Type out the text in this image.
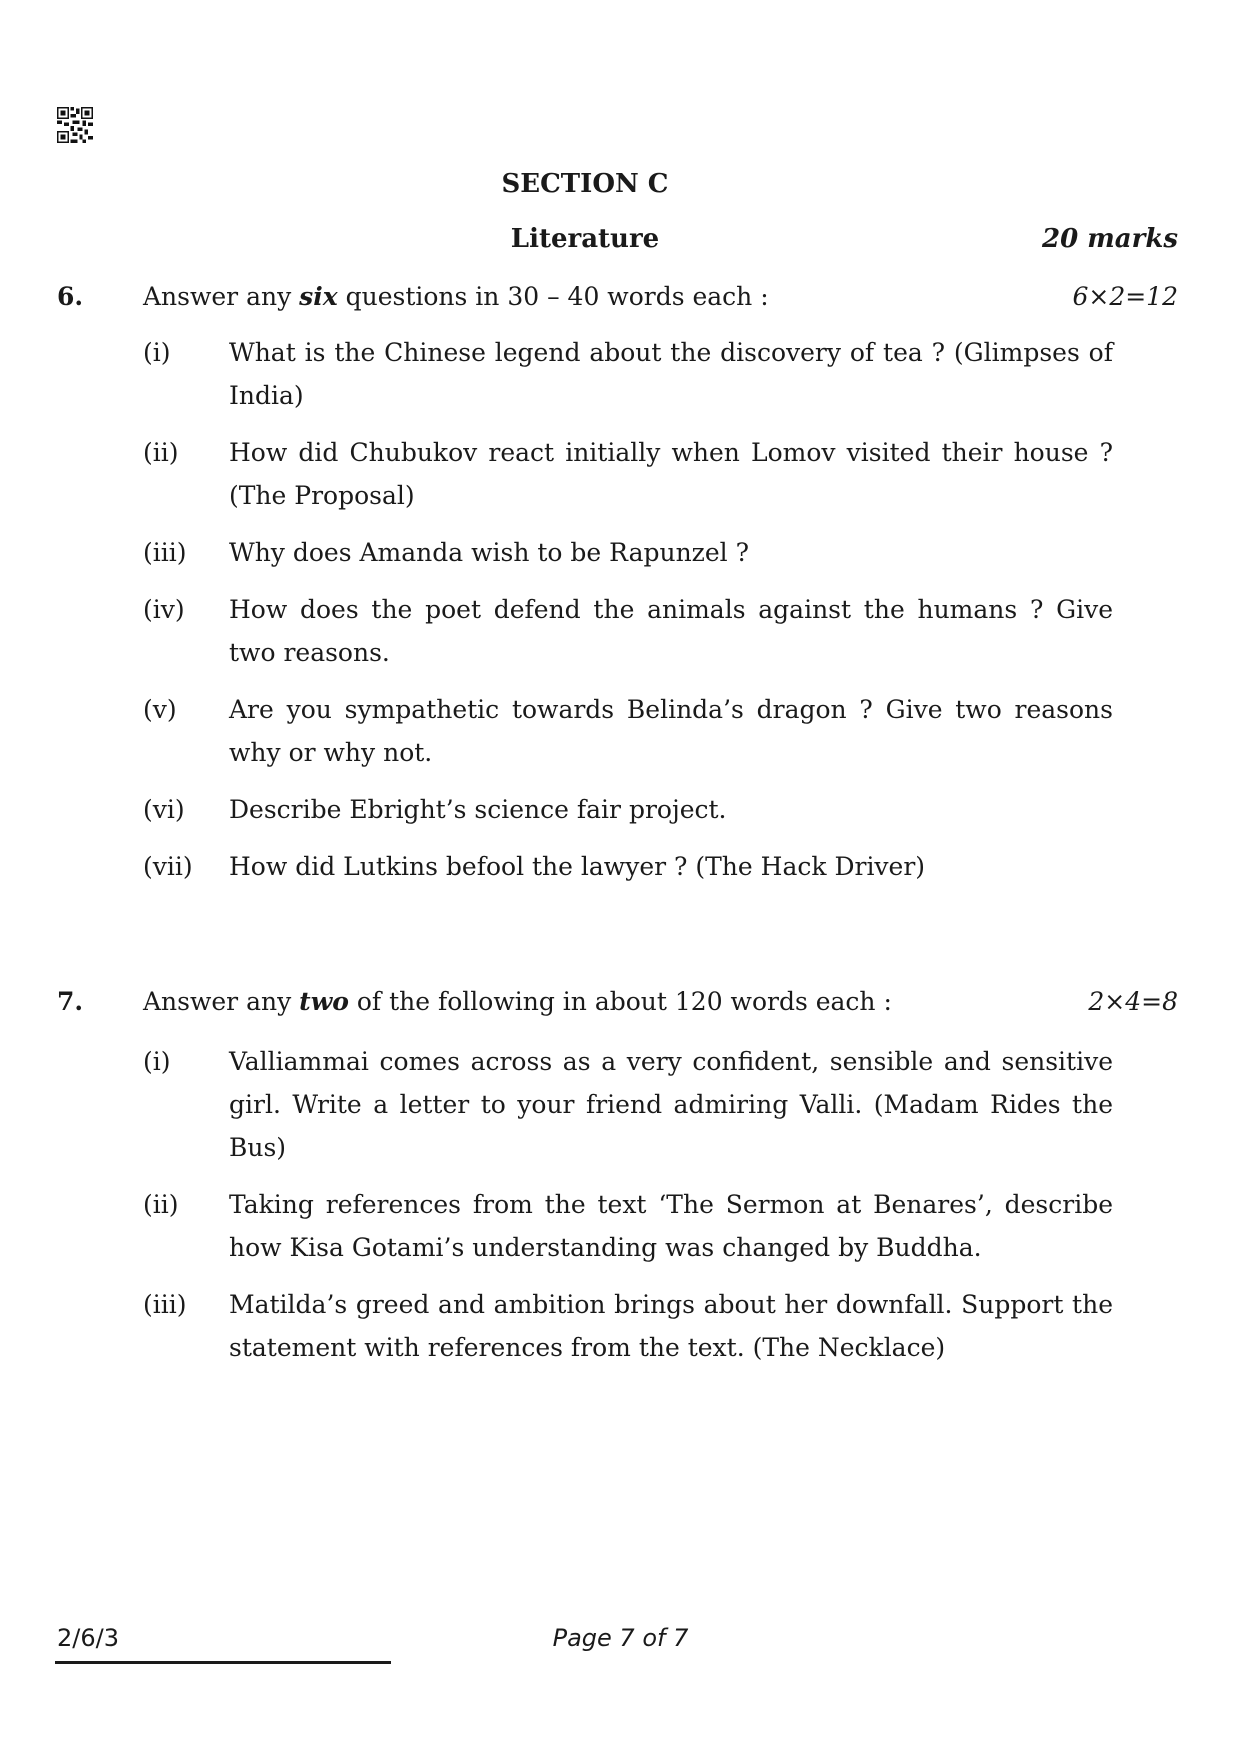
SECTION C
Literature	20 marks
6. Answer any six questions in 30 – 40 words each :	6×2=12
(i) What is the Chinese legend about the discovery of tea ? (Glimpses of India)
(ii) How did Chubukov react initially when Lomov visited their house ? (The Proposal)
(iii) Why does Amanda wish to be Rapunzel ?
(iv) How does the poet defend the animals against the humans ? Give two reasons.
(v) Are you sympathetic towards Belinda’s dragon ? Give two reasons why or why not.
(vi) Describe Ebright’s science fair project.
(vii) How did Lutkins befool the lawyer ? (The Hack Driver)
7. Answer any two of the following in about 120 words each :	2×4=8
(i) Valliammai comes across as a very confident, sensible and sensitive girl. Write a letter to your friend admiring Valli. (Madam Rides the Bus)
(ii) Taking references from the text ‘The Sermon at Benares’, describe how Kisa Gotami’s understanding was changed by Buddha.
(iii) Matilda’s greed and ambition brings about her downfall. Support the statement with references from the text. (The Necklace)
2/6/3	Page 7 of 7
